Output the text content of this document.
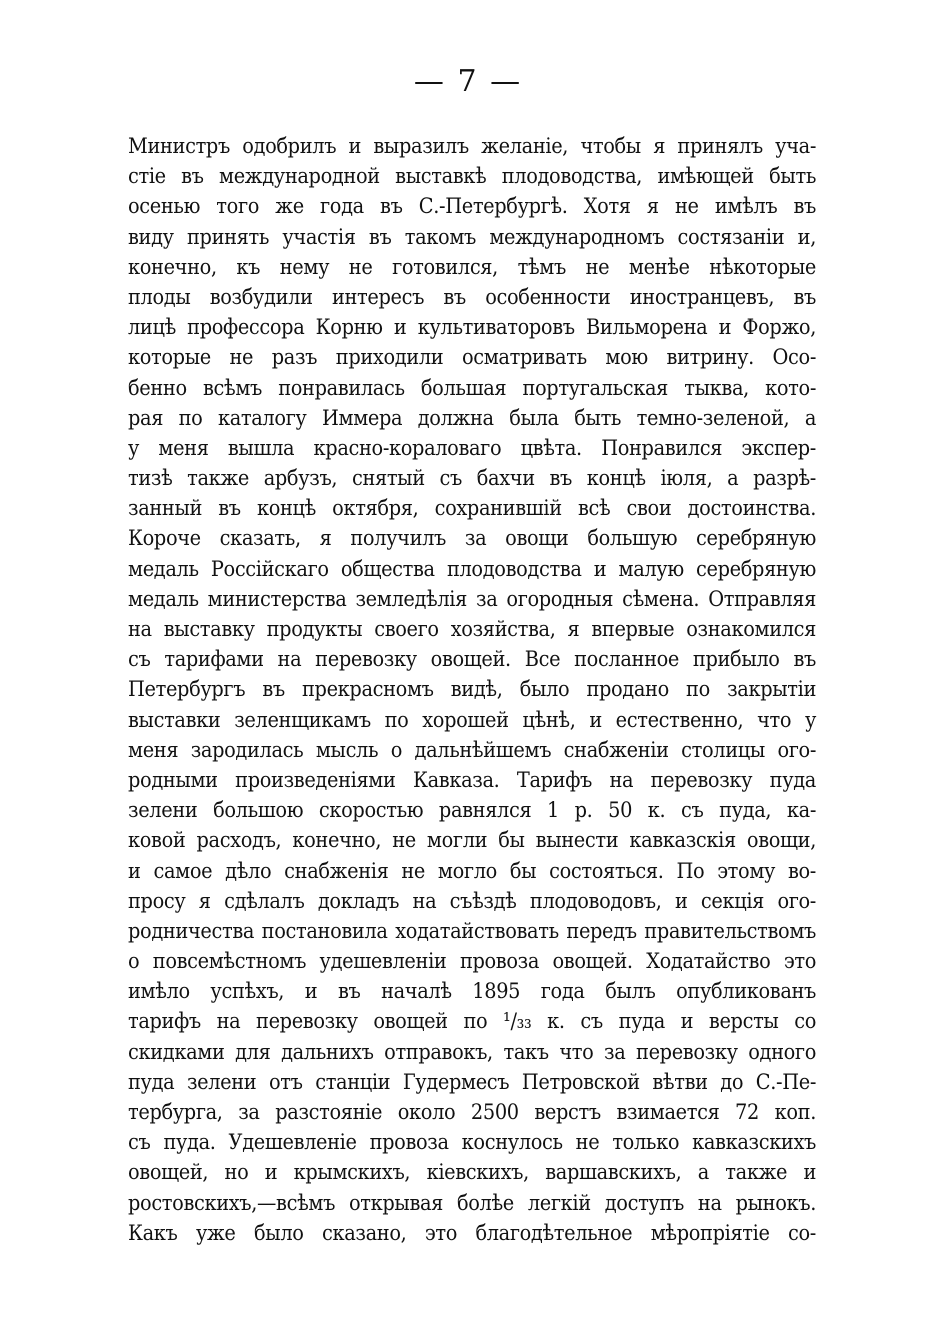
— 7 —
Министръ одобрилъ и выразилъ желаніе, чтобы я принялъ уча-
стіе въ международной выставкѣ плодоводства, имѣющей быть
осенью того же года въ С.-Петербургѣ. Хотя я не имѣлъ въ
виду принять участія въ такомъ международномъ состязаніи и,
конечно, къ нему не готовился, тѣмъ не менѣе нѣкоторые
плоды возбудили интересъ въ особенности иностранцевъ, въ
лицѣ професcора Корню и культиваторовъ Вильморена и Форжо,
которые не разъ приходили осматривать мою витрину. Осо-
бенно всѣмъ понравилась большая португальская тыква, кото-
рая по каталогу Иммера должна была быть темно-зеленой, а
у меня вышла красно-кораловаго цвѣта. Понравился экспер-
тизѣ также арбузъ, снятый съ бахчи въ концѣ іюля, а разрѣ-
занный въ концѣ октября, сохранившій всѣ свои достоинства.
Короче сказать, я получилъ за овощи большую серебряную
медаль Россійскаго общества плодоводства и малую серебряную
медаль министерства земледѣлія за огородныя сѣмена. Отправляя
на выставку продукты своего хозяйства, я впервые ознакомился
съ тарифами на перевозку овощей. Все посланное прибыло въ
Петербургъ въ прекрасномъ видѣ, было продано по закрытіи
выставки зеленщикамъ по хорошей цѣнѣ, и естественно, что у
меня зародилась мысль о дальнѣйшемъ снабженіи столицы ого-
родными произведеніями Кавказа. Тарифъ на перевозку пуда
зелени большою скоростью равнялся 1 р. 50 к. съ пуда, ка-
ковой расходъ, конечно, не могли бы вынести кавказскія овощи,
и самое дѣло снабженія не могло бы состояться. По этому во-
просу я сдѣлалъ докладъ на съѣздѣ плодоводовъ, и секція ого-
родничества постановила ходатайствовать передъ правительствомъ
о повсемѣстномъ удешевленіи провоза овощей. Ходатайство это
имѣло успѣхъ, и въ началѣ 1895 года былъ опубликованъ
тарифъ на перевозку овощей по ¹/₃₃ к. съ пуда и версты со
скидками для дальнихъ отправокъ, такъ что за перевозку одного
пуда зелени отъ станціи Гудермесъ Петровской вѣтви до С.-Пе-
тербурга, за разстояніе около 2500 верстъ взимается 72 коп.
съ пуда. Удешевленіе провоза коснулось не только кавказскихъ
овощей, но и крымскихъ, кіевскихъ, варшавскихъ, а также и
ростовскихъ,—всѣмъ открывая болѣе легкій доступъ на рынокъ.
Какъ уже было сказано, это благодѣтельное мѣропріятіе со-
